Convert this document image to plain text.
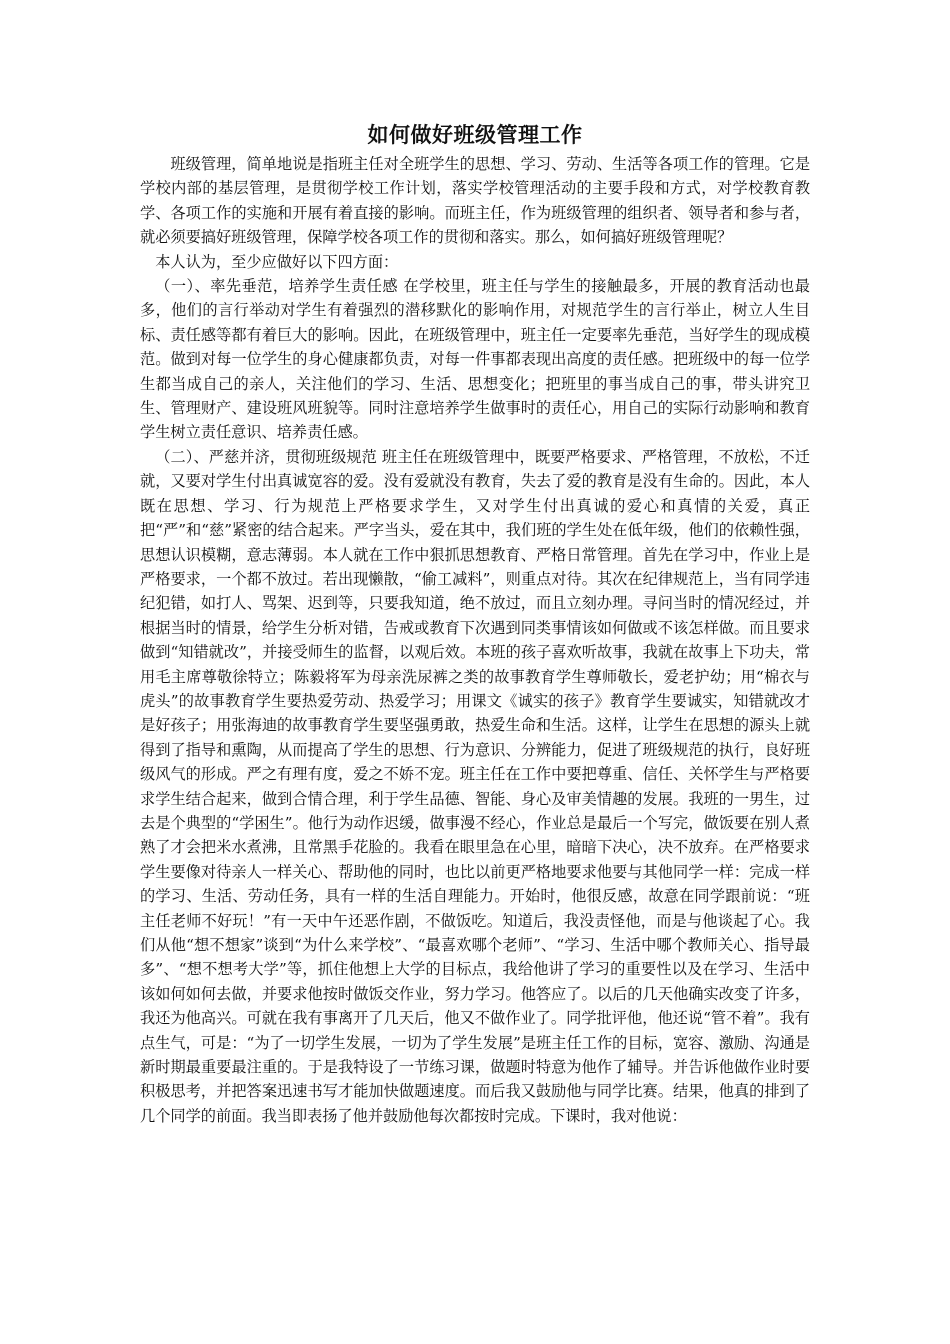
如何做好班级管理工作

班级管理，简单地说是指班主任对全班学生的思想、学习、劳动、生活等各项工作的管理。它是学校内部的基层管理，是贯彻学校工作计划，落实学校管理活动的主要手段和方式，对学校教育教学、各项工作的实施和开展有着直接的影响。而班主任，作为班级管理的组织者、领导者和参与者，就必须要搞好班级管理，保障学校各项工作的贯彻和落实。那么，如何搞好班级管理呢？

本人认为，至少应做好以下四方面：

（一）、率先垂范，培养学生责任感 在学校里，班主任与学生的接触最多，开展的教育活动也最多，他们的言行举动对学生有着强烈的潜移默化的影响作用，对规范学生的言行举止，树立人生目标、责任感等都有着巨大的影响。因此，在班级管理中，班主任一定要率先垂范，当好学生的现成模范。做到对每一位学生的身心健康都负责，对每一件事都表现出高度的责任感。把班级中的每一位学生都当成自己的亲人，关注他们的学习、生活、思想变化；把班里的事当成自己的事，带头讲究卫生、管理财产、建设班风班貌等。同时注意培养学生做事时的责任心，用自己的实际行动影响和教育学生树立责任意识、培养责任感。

（二）、严慈并济，贯彻班级规范 班主任在班级管理中，既要严格要求、严格管理，不放松，不迁就，又要对学生付出真诚宽容的爱。没有爱就没有教育，失去了爱的教育是没有生命的。因此，本人既在思想、学习、行为规范上严格要求学生，又对学生付出真诚的爱心和真情的关爱，真正把“严”和“慈”紧密的结合起来。严字当头，爱在其中，我们班的学生处在低年级，他们的依赖性强，思想认识模糊，意志薄弱。本人就在工作中狠抓思想教育、严格日常管理。首先在学习中，作业上是严格要求，一个都不放过。若出现懒散，“偷工减料”，则重点对待。其次在纪律规范上，当有同学违纪犯错，如打人、骂架、迟到等，只要我知道，绝不放过，而且立刻办理。寻问当时的情况经过，并根据当时的情景，给学生分析对错，告戒或教育下次遇到同类事情该如何做或不该怎样做。而且要求做到“知错就改”，并接受师生的监督，以观后效。本班的孩子喜欢听故事，我就在故事上下功夫，常用毛主席尊敬徐特立；陈毅将军为母亲洗尿裤之类的故事教育学生尊师敬长，爱老护幼；用“棉衣与虎头”的故事教育学生要热爱劳动、热爱学习；用课文《诚实的孩子》教育学生要诚实，知错就改才是好孩子；用张海迪的故事教育学生要坚强勇敢，热爱生命和生活。这样，让学生在思想的源头上就得到了指导和熏陶，从而提高了学生的思想、行为意识、分辨能力，促进了班级规范的执行，良好班级风气的形成。严之有理有度，爱之不娇不宠。班主任在工作中要把尊重、信任、关怀学生与严格要求学生结合起来，做到合情合理，利于学生品德、智能、身心及审美情趣的发展。我班的一男生，过去是个典型的“学困生”。他行为动作迟缓，做事漫不经心，作业总是最后一个写完，做饭要在别人煮熟了才会把米水煮沸，且常黑手花脸的。我看在眼里急在心里，暗暗下决心，决不放弃。在严格要求学生要像对待亲人一样关心、帮助他的同时，也比以前更严格地要求他要与其他同学一样：完成一样的学习、生活、劳动任务，具有一样的生活自理能力。开始时，他很反感，故意在同学跟前说：“班主任老师不好玩！”有一天中午还恶作剧，不做饭吃。知道后，我没责怪他，而是与他谈起了心。我们从他“想不想家”谈到“为什么来学校”、“最喜欢哪个老师”、“学习、生活中哪个教师关心、指导最多”、“想不想考大学”等，抓住他想上大学的目标点，我给他讲了学习的重要性以及在学习、生活中该如何如何去做，并要求他按时做饭交作业，努力学习。他答应了。以后的几天他确实改变了许多，我还为他高兴。可就在我有事离开了几天后，他又不做作业了。同学批评他，他还说“管不着”。我有点生气，可是：“为了一切学生发展，一切为了学生发展”是班主任工作的目标，宽容、激励、沟通是新时期最重要最注重的。于是我特设了一节练习课，做题时特意为他作了辅导。并告诉他做作业时要积极思考，并把答案迅速书写才能加快做题速度。而后我又鼓励他与同学比赛。结果，他真的排到了几个同学的前面。我当即表扬了他并鼓励他每次都按时完成。下课时，我对他说：
